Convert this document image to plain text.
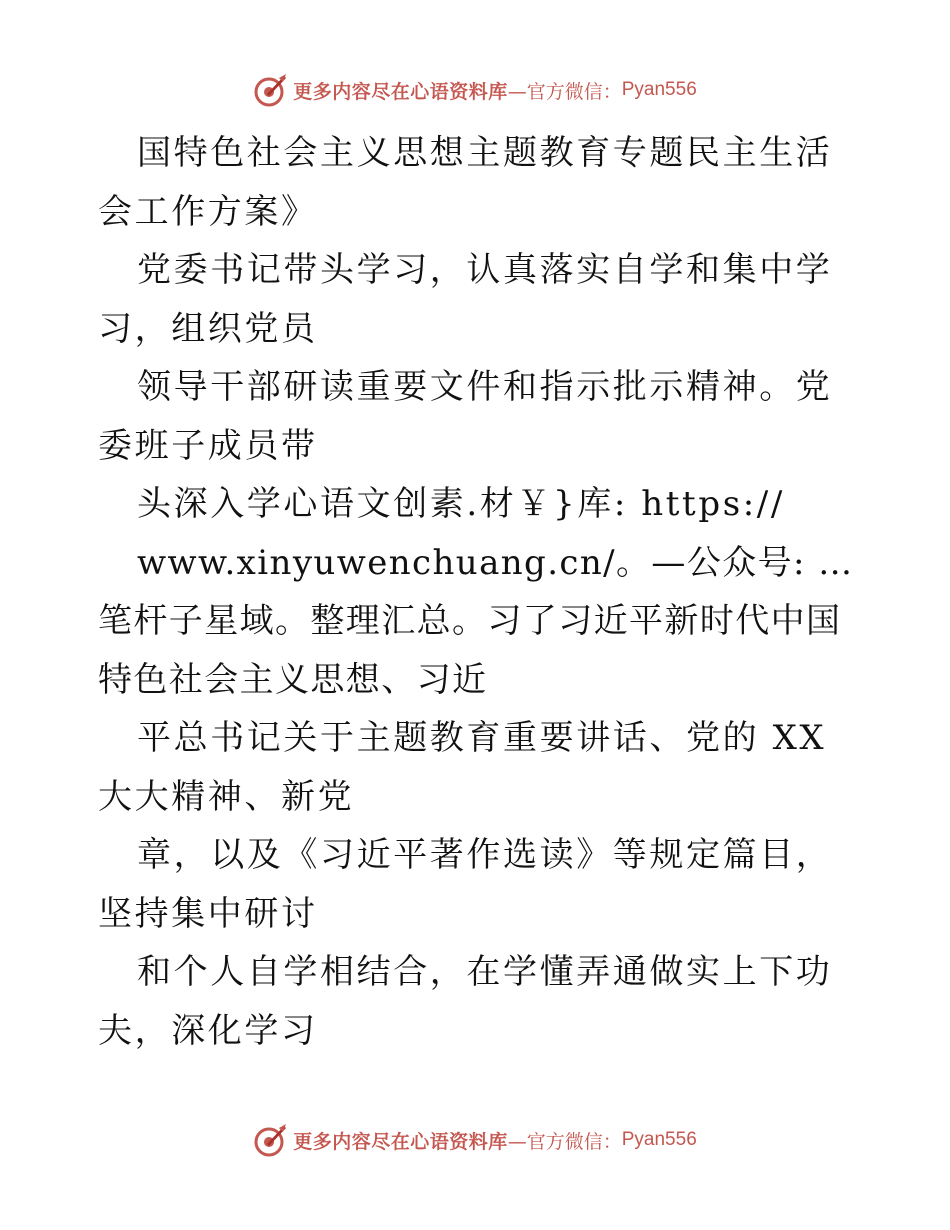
更多内容尽在心语资料库 —官方微信： Pyan556

国特色社会主义思想主题教育专题民主生活会工作方案》

党委书记带头学习，认真落实自学和集中学习，组织党员

领导干部研读重要文件和指示批示精神。党委班子成员带

头深入学心语文创素.材￥}库: https://

www.xinyuwenchuang.cn/。—公众号: …笔杆子星域。整理汇总。习了习近平新时代中国特色社会主义思想、习近

平总书记关于主题教育重要讲话、党的 XX 大大精神、新党

章，以及《习近平著作选读》等规定篇目，坚持集中研讨

和个人自学相结合，在学懂弄通做实上下功夫，深化学习

更多内容尽在心语资料库 —官方微信： Pyan556
